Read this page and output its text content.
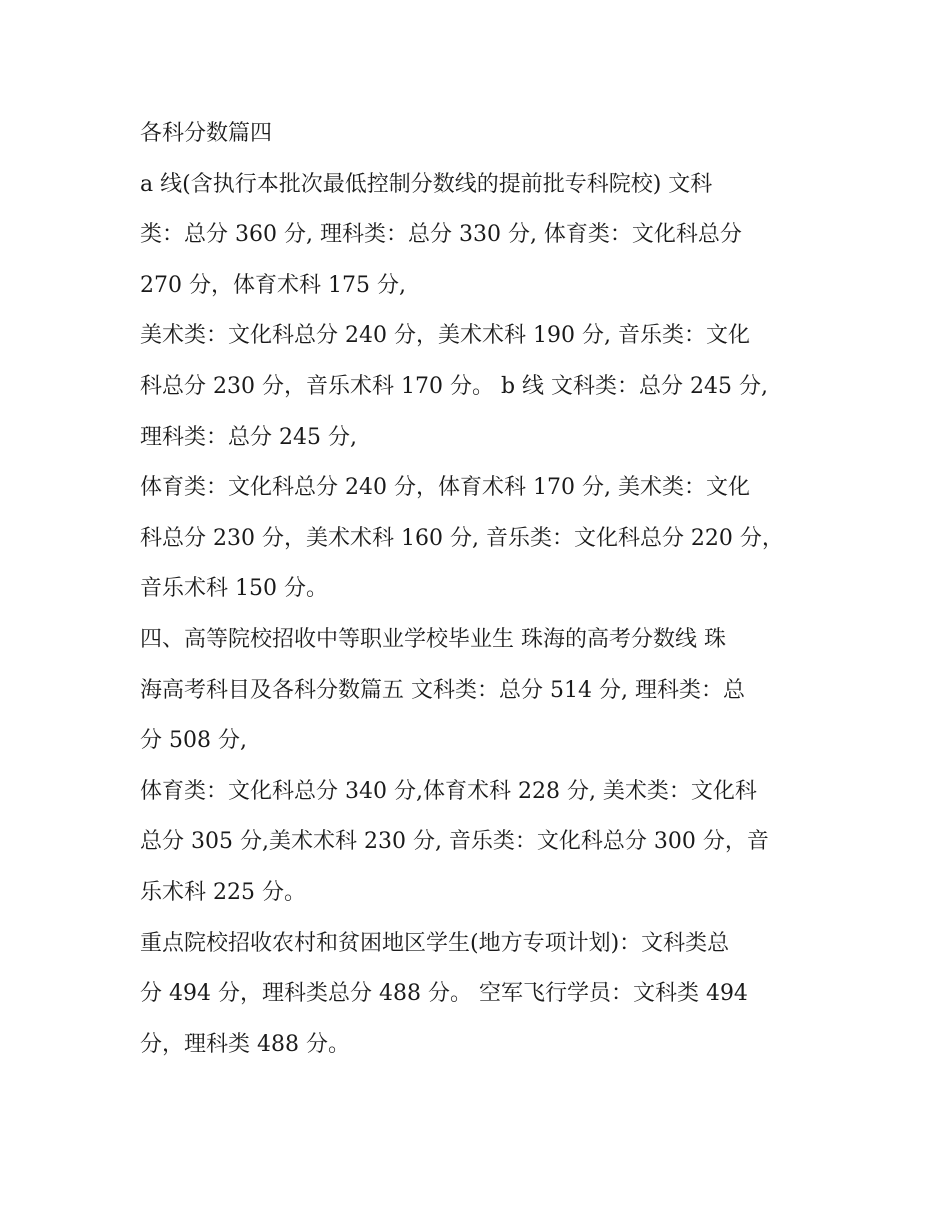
各科分数篇四
a 线(含执行本批次最低控制分数线的提前批专科院校) 文科
类：总分 360 分, 理科类：总分 330 分, 体育类：文化科总分
270 分，体育术科 175 分,
美术类：文化科总分 240 分，美术术科 190 分, 音乐类：文化
科总分 230 分，音乐术科 170 分。 b 线 文科类：总分 245 分,
理科类：总分 245 分,
体育类：文化科总分 240 分，体育术科 170 分, 美术类：文化
科总分 230 分，美术术科 160 分, 音乐类：文化科总分 220 分，
音乐术科 150 分。
四、高等院校招收中等职业学校毕业生 珠海的高考分数线 珠
海高考科目及各科分数篇五 文科类：总分 514 分, 理科类：总
分 508 分,
体育类：文化科总分 340 分,体育术科 228 分, 美术类：文化科
总分 305 分,美术术科 230 分, 音乐类：文化科总分 300 分，音
乐术科 225 分。
重点院校招收农村和贫困地区学生(地方专项计划)：文科类总
分 494 分，理科类总分 488 分。 空军飞行学员：文科类 494
分，理科类 488 分。
